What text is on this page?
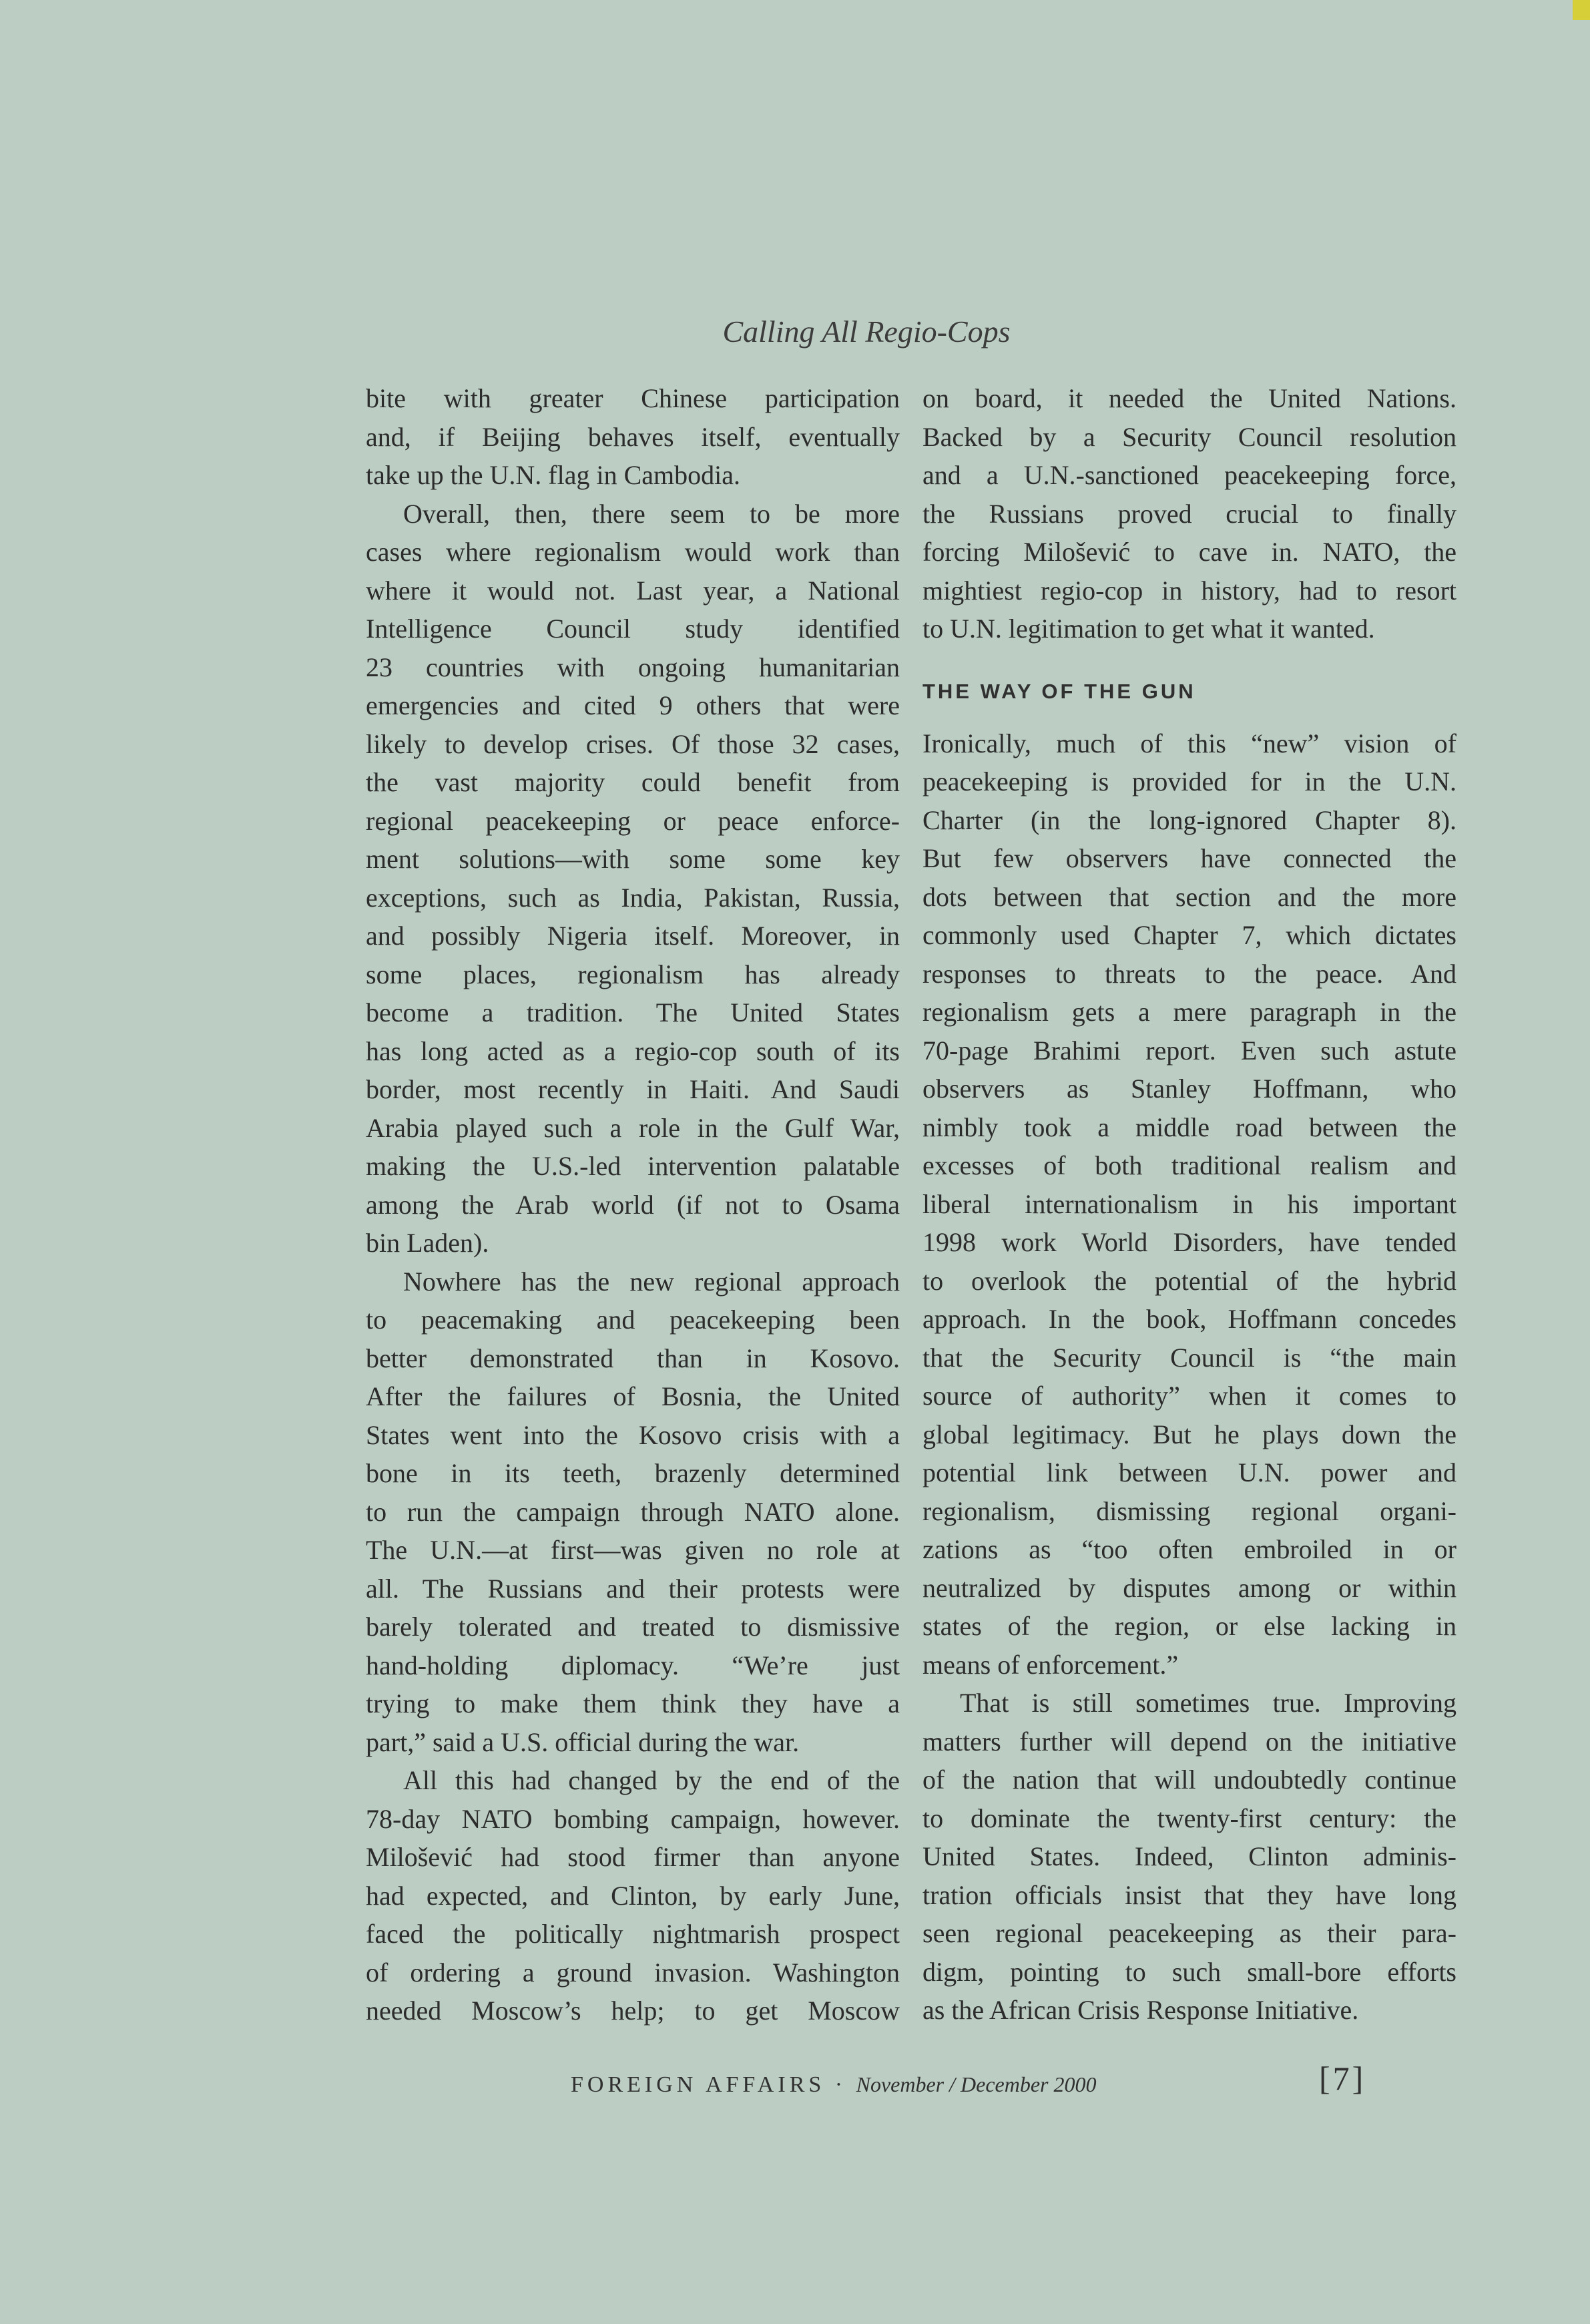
Calling All Regio-Cops
bite with greater Chinese participation
and, if Beijing behaves itself, eventually
take up the U.N. flag in Cambodia.
Overall, then, there seem to be more
cases where regionalism would work than
where it would not. Last year, a National
Intelligence Council study identified
23 countries with ongoing humanitarian
emergencies and cited 9 others that were
likely to develop crises. Of those 32 cases,
the vast majority could benefit from
regional peacekeeping or peace enforce-
ment solutions—with some some key
exceptions, such as India, Pakistan, Russia,
and possibly Nigeria itself. Moreover, in
some places, regionalism has already
become a tradition. The United States
has long acted as a regio-cop south of its
border, most recently in Haiti. And Saudi
Arabia played such a role in the Gulf War,
making the U.S.-led intervention palatable
among the Arab world (if not to Osama
bin Laden).
Nowhere has the new regional approach
to peacemaking and peacekeeping been
better demonstrated than in Kosovo.
After the failures of Bosnia, the United
States went into the Kosovo crisis with a
bone in its teeth, brazenly determined
to run the campaign through NATO alone.
The U.N.—at first—was given no role at
all. The Russians and their protests were
barely tolerated and treated to dismissive
hand-holding diplomacy. “We’re just
trying to make them think they have a
part,” said a U.S. official during the war.
All this had changed by the end of the
78-day NATO bombing campaign, however.
Milošević had stood firmer than anyone
had expected, and Clinton, by early June,
faced the politically nightmarish prospect
of ordering a ground invasion. Washington
needed Moscow’s help; to get Moscow
on board, it needed the United Nations.
Backed by a Security Council resolution
and a U.N.-sanctioned peacekeeping force,
the Russians proved crucial to finally
forcing Milošević to cave in. NATO, the
mightiest regio-cop in history, had to resort
to U.N. legitimation to get what it wanted.
THE WAY OF THE GUN
Ironically, much of this “new” vision of
peacekeeping is provided for in the U.N.
Charter (in the long-ignored Chapter 8).
But few observers have connected the
dots between that section and the more
commonly used Chapter 7, which dictates
responses to threats to the peace. And
regionalism gets a mere paragraph in the
70-page Brahimi report. Even such astute
observers as Stanley Hoffmann, who
nimbly took a middle road between the
excesses of both traditional realism and
liberal internationalism in his important
1998 work World Disorders, have tended
to overlook the potential of the hybrid
approach. In the book, Hoffmann concedes
that the Security Council is “the main
source of authority” when it comes to
global legitimacy. But he plays down the
potential link between U.N. power and
regionalism, dismissing regional organi-
zations as “too often embroiled in or
neutralized by disputes among or within
states of the region, or else lacking in
means of enforcement.”
That is still sometimes true. Improving
matters further will depend on the initiative
of the nation that will undoubtedly continue
to dominate the twenty-first century: the
United States. Indeed, Clinton adminis-
tration officials insist that they have long
seen regional peacekeeping as their para-
digm, pointing to such small-bore efforts
as the African Crisis Response Initiative.
FOREIGN AFFAIRS · November / December 2000	[7]
